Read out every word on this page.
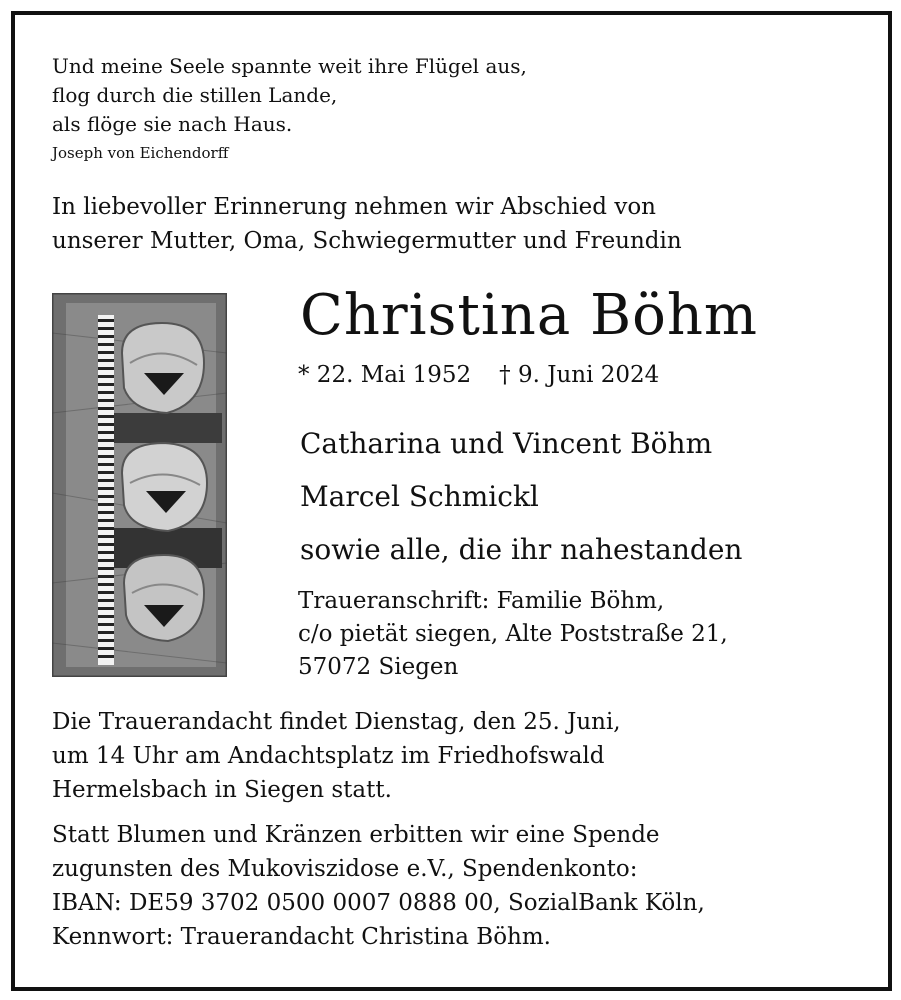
Und meine Seele spannte weit ihre Flügel aus,
flog durch die stillen Lande,
als flöge sie nach Haus.
Joseph von Eichendorff
In liebevoller Erinnerung nehmen wir Abschied von
unserer Mutter, Oma, Schwiegermutter und Freundin
Christina Böhm
* 22. Mai 1952 † 9. Juni 2024
Catharina und Vincent Böhm
Marcel Schmickl
sowie alle, die ihr nahestanden
Traueranschrift: Familie Böhm,
c/o pietät siegen, Alte Poststraße 21,
57072 Siegen
Die Trauerandacht findet Dienstag, den 25. Juni,
um 14 Uhr am Andachtsplatz im Friedhofswald
Hermelsbach in Siegen statt.
Statt Blumen und Kränzen erbitten wir eine Spende
zugunsten des Mukoviszidose e.V., Spendenkonto:
IBAN: DE59 3702 0500 0007 0888 00, SozialBank Köln,
Kennwort: Trauerandacht Christina Böhm.
